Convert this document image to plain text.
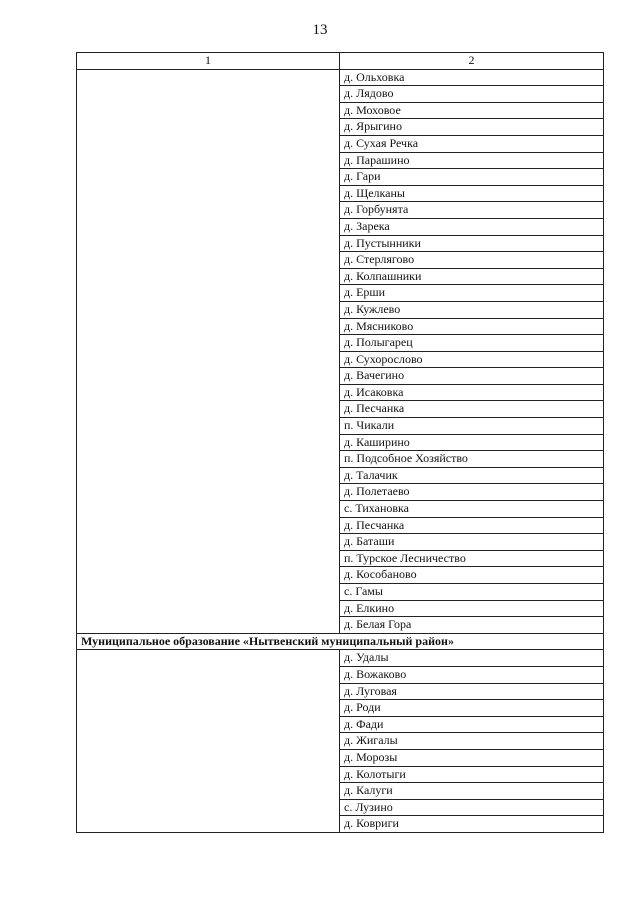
13
1	2
	д. Ольховка
	д. Лядово
	д. Моховое
	д. Ярыгино
	д. Сухая Речка
	д. Парашино
	д. Гари
	д. Щелканы
	д. Горбунята
	д. Зарека
	д. Пустынники
	д. Стерлягово
	д. Колпашники
	д. Ерши
	д. Кужлево
	д. Мясниково
	д. Полыгарец
	д. Сухорослово
	д. Вачегино
	д. Исаковка
	д. Песчанка
	п. Чикали
	д. Каширино
	п. Подсобное Хозяйство
	д. Талачик
	д. Полетаево
	с. Тихановка
	д. Песчанка
	д. Баташи
	п. Турское Лесничество
	д. Кособаново
	с. Гамы
	д. Елкино
	д. Белая Гора
Муниципальное образование «Нытвенский муниципальный район»	
	д. Удалы
	д. Вожаково
	д. Луговая
	д. Роди
	д. Фади
	д. Жигалы
	д. Морозы
	д. Колотыги
	д. Калуги
	с. Лузино
	д. Ковриги
